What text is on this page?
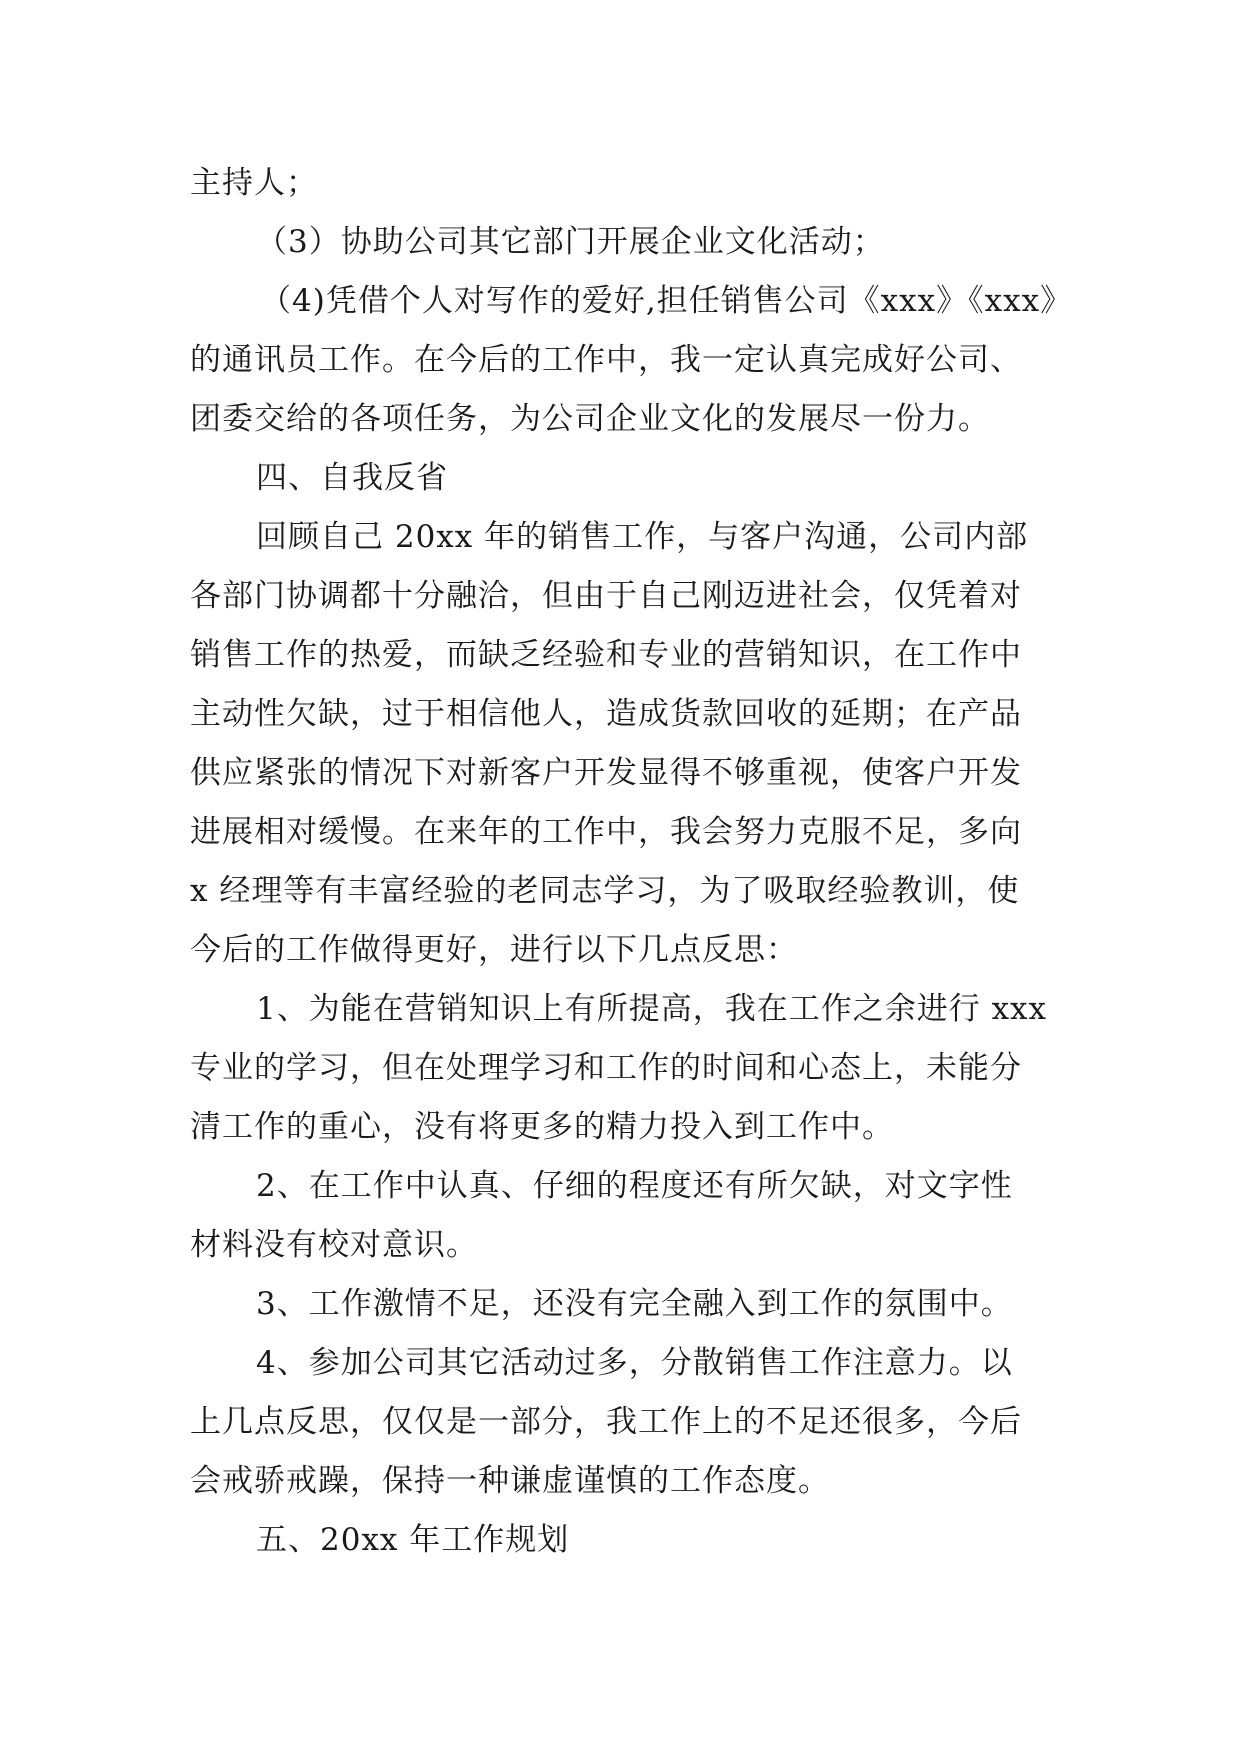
主持人；
（3）协助公司其它部门开展企业文化活动；
（4)凭借个人对写作的爱好,担任销售公司《xxx》《xxx》
的通讯员工作。在今后的工作中，我一定认真完成好公司、
团委交给的各项任务，为公司企业文化的发展尽一份力。
四、自我反省
回顾自己 20xx 年的销售工作，与客户沟通，公司内部
各部门协调都十分融洽，但由于自己刚迈进社会，仅凭着对
销售工作的热爱，而缺乏经验和专业的营销知识，在工作中
主动性欠缺，过于相信他人，造成货款回收的延期；在产品
供应紧张的情况下对新客户开发显得不够重视，使客户开发
进展相对缓慢。在来年的工作中，我会努力克服不足，多向
x 经理等有丰富经验的老同志学习，为了吸取经验教训，使
今后的工作做得更好，进行以下几点反思：
1、为能在营销知识上有所提高，我在工作之余进行 xxx
专业的学习，但在处理学习和工作的时间和心态上，未能分
清工作的重心，没有将更多的精力投入到工作中。
2、在工作中认真、仔细的程度还有所欠缺，对文字性
材料没有校对意识。
3、工作激情不足，还没有完全融入到工作的氛围中。
4、参加公司其它活动过多，分散销售工作注意力。以
上几点反思，仅仅是一部分，我工作上的不足还很多，今后
会戒骄戒躁，保持一种谦虚谨慎的工作态度。
五、20xx 年工作规划
